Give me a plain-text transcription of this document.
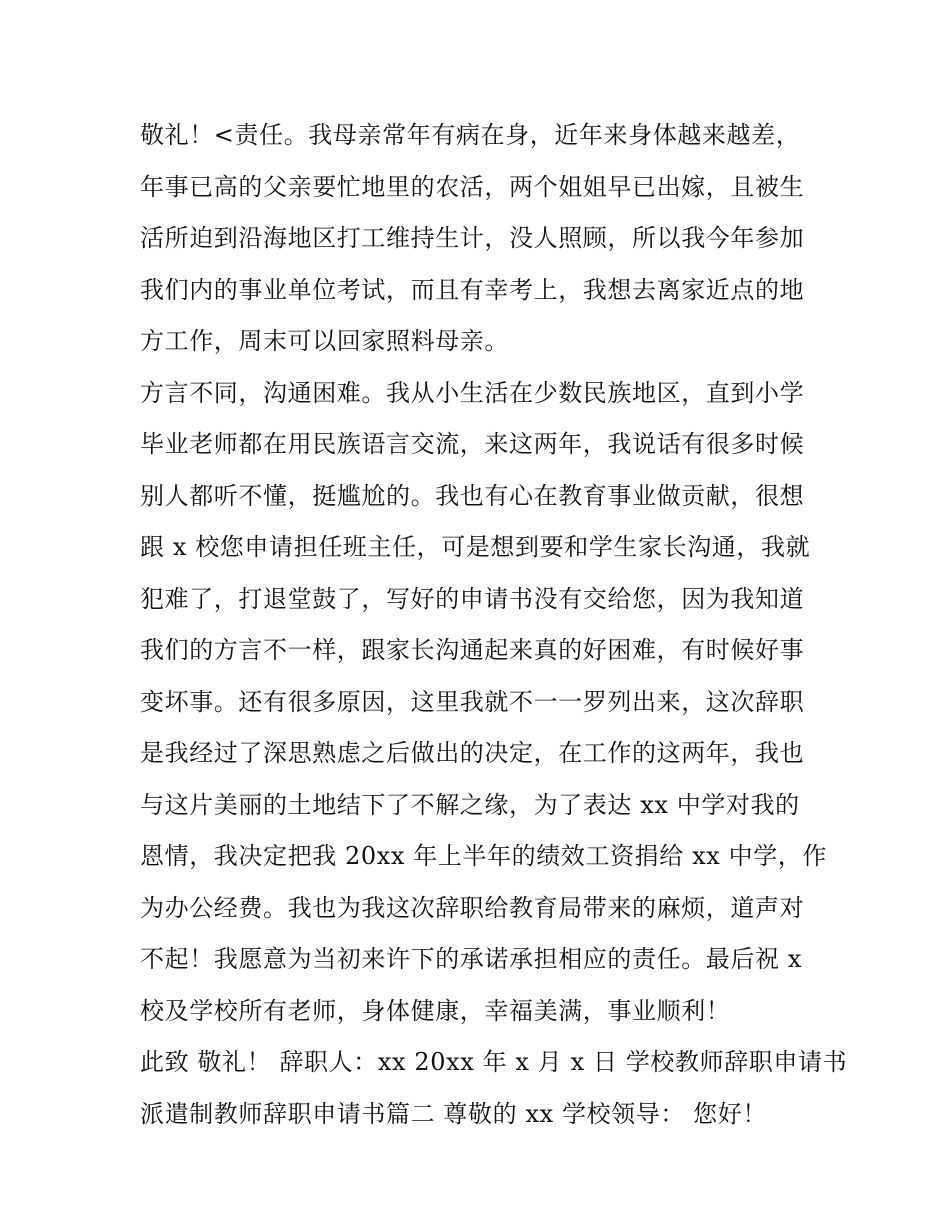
敬礼！<责任。我母亲常年有病在身，近年来身体越来越差，
年事已高的父亲要忙地里的农活，两个姐姐早已出嫁，且被生
活所迫到沿海地区打工维持生计，没人照顾，所以我今年参加
我们内的事业单位考试，而且有幸考上，我想去离家近点的地
方工作，周末可以回家照料母亲。
方言不同，沟通困难。我从小生活在少数民族地区，直到小学
毕业老师都在用民族语言交流，来这两年，我说话有很多时候
别人都听不懂，挺尴尬的。我也有心在教育事业做贡献，很想
跟 x 校您申请担任班主任，可是想到要和学生家长沟通，我就
犯难了，打退堂鼓了，写好的申请书没有交给您，因为我知道
我们的方言不一样，跟家长沟通起来真的好困难，有时候好事
变坏事。还有很多原因，这里我就不一一罗列出来，这次辞职
是我经过了深思熟虑之后做出的决定，在工作的这两年，我也
与这片美丽的土地结下了不解之缘，为了表达 xx 中学对我的
恩情，我决定把我 20xx 年上半年的绩效工资捐给 xx 中学，作
为办公经费。我也为我这次辞职给教育局带来的麻烦，道声对
不起！我愿意为当初来许下的承诺承担相应的责任。最后祝 x
校及学校所有老师，身体健康，幸福美满，事业顺利！
此致 敬礼！ 辞职人：xx 20xx 年 x 月 x 日 学校教师辞职申请书
派遣制教师辞职申请书篇二 尊敬的 xx 学校领导： 您好！
